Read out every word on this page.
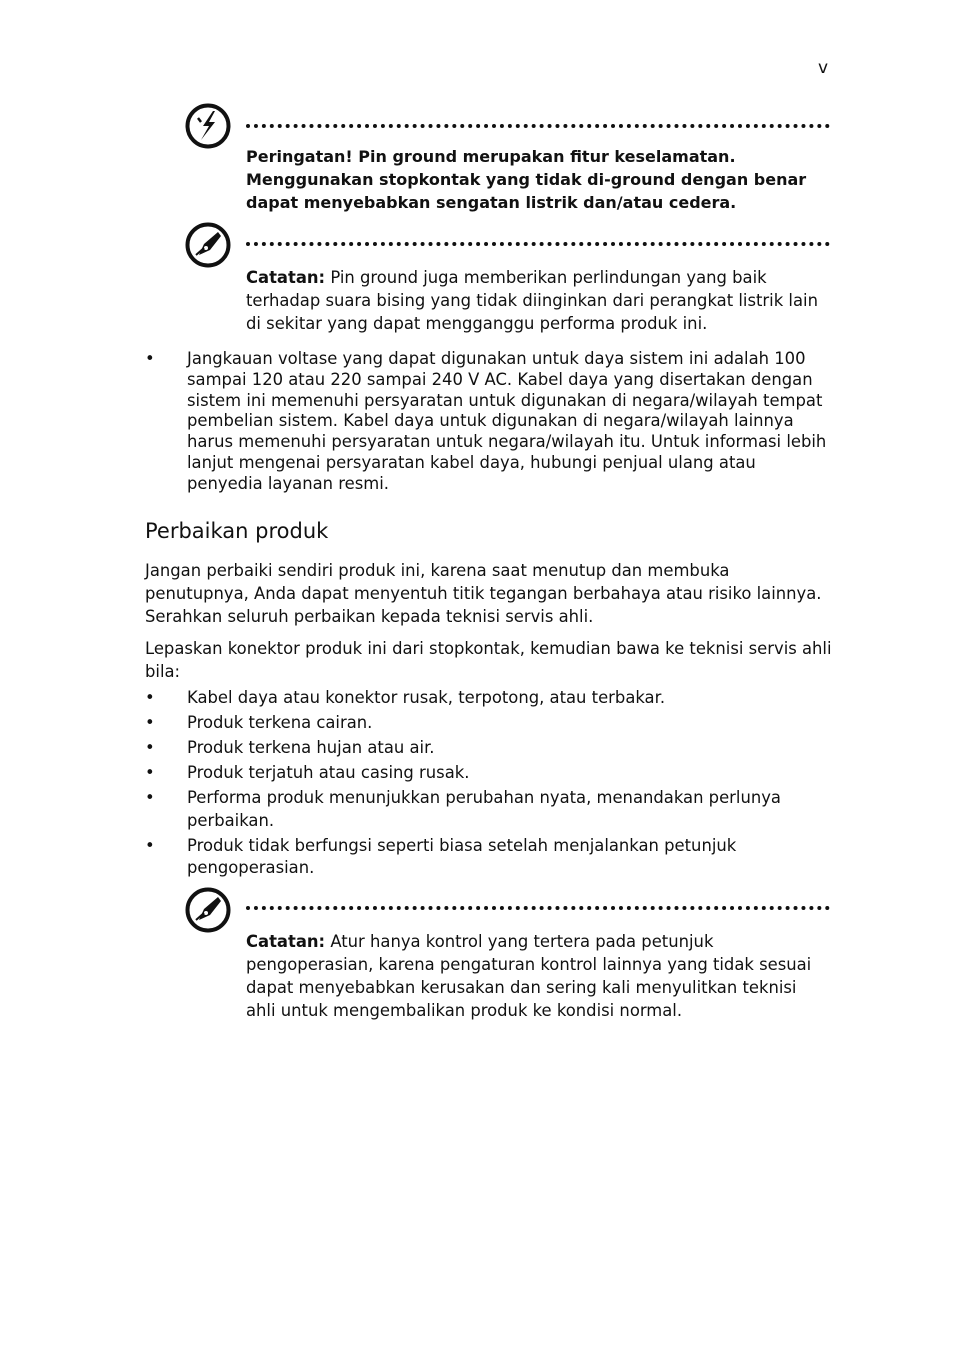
v
Peringatan! Pin ground merupakan fitur keselamatan. Menggunakan stopkontak yang tidak di-ground dengan benar dapat menyebabkan sengatan listrik dan/atau cedera.
Catatan: Pin ground juga memberikan perlindungan yang baik terhadap suara bising yang tidak diinginkan dari perangkat listrik lain di sekitar yang dapat mengganggu performa produk ini.
• Jangkauan voltase yang dapat digunakan untuk daya sistem ini adalah 100 sampai 120 atau 220 sampai 240 V AC. Kabel daya yang disertakan dengan sistem ini memenuhi persyaratan untuk digunakan di negara/wilayah tempat pembelian sistem. Kabel daya untuk digunakan di negara/wilayah lainnya harus memenuhi persyaratan untuk negara/wilayah itu. Untuk informasi lebih lanjut mengenai persyaratan kabel daya, hubungi penjual ulang atau penyedia layanan resmi.
Perbaikan produk

Jangan perbaiki sendiri produk ini, karena saat menutup dan membuka penutupnya, Anda dapat menyentuh titik tegangan berbahaya atau risiko lainnya. Serahkan seluruh perbaikan kepada teknisi servis ahli.

Lepaskan konektor produk ini dari stopkontak, kemudian bawa ke teknisi servis ahli bila:

• Kabel daya atau konektor rusak, terpotong, atau terbakar.
• Produk terkena cairan.
• Produk terkena hujan atau air.
• Produk terjatuh atau casing rusak.
• Performa produk menunjukkan perubahan nyata, menandakan perlunya perbaikan.
• Produk tidak berfungsi seperti biasa setelah menjalankan petunjuk pengoperasian.
Catatan: Atur hanya kontrol yang tertera pada petunjuk pengoperasian, karena pengaturan kontrol lainnya yang tidak sesuai dapat menyebabkan kerusakan dan sering kali menyulitkan teknisi ahli untuk mengembalikan produk ke kondisi normal.
